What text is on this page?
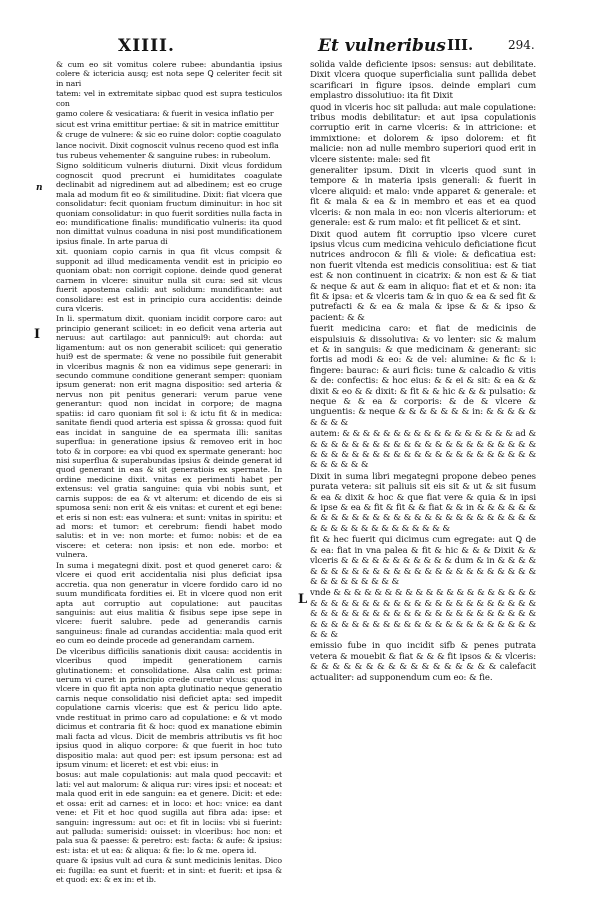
XIIII.	Et vulneribus III.	294.
n
I
L

& cum eo sit vomitus colere rubee: abundantia ipsius colere & ictericia ausq; est nota sepe Ꝗ celeriter fecit sit in nari

tatem: vel in extremitate sipbac quod est supra testiculos con

gamo colere & vesicatiara: & fuerit in vesica inflatio per

sicut est vrina emittitur pertiae: & sit in matrice emittitur

& cruge de vulnere: & sic eo ruine dolor: coptie coagulato

lance nocivit. Dixit cognoscit vulnus receno quod est infla

tus rubeus vehementer & sanguine rubes: in rubeolum.

Signo solditicum vulneris diuturni. Dixit vlcus fordidum cognoscit quod precrunt ei humiditates coagulate declinabit ad nigredinem aut ad albedinem; est eo cruge mala ad modum fit eo & similitudine. Dixit: fiat vlcera que consolidatur: fecit quoniam fructum diminuitur: in hoc sit quoniam consolidatur: in quo fuerit sordities nulla facta in eo: mundificatione finalis: mundificatio vulneris: ita quod non dimittat vulnus coaduna in nisi post mundificationem ipsius finale. In arte parua di

xit. quoniam copio carnis in qua fit vlcus compsit & supponit ad illud medicamenta vendit est in pricipio eo quoniam obat: non corrigit copione. deinde quod generat carnem in vlcere: sinuitur nulla sit cura: sed sit vlcus fuerit apostema calidi: aut solidum: mundificante: aut consolidare: est est in principio cura accidentis: deinde cura vlceris.

In li. spermatum dixit. quoniam incidit corpore caro: aut principio generant scilicet: in eo deficit vena arteria aut neruus: aut cartilago: aut pannicul9: aut chorda: aut ligamentum: aut os non generabit scilicet: qui generatio hui9 est de spermate: & vene no possibile fuit generabit in vlceribus magnis & non ea vidimus sepe generari: in secundo commune conditione generant semper: quoniam ipsum generat: non erit magna dispositio: sed arteria & nervus non pit penitus generari: verum parue vene generantur: quod non incidat in corpore; de magna spatiis: id caro quoniam fit sol i: & ictu fit & in medica: sanitate fiendi quod arteria est spissa & grossa: quod fuit eas incidat in sanguine de ea spermata illi: sanitas superflua: in generatione ipsius & removeo erit in hoc toto & in corpore: ea vbi quod ex spermate generant: hoc nisi superflua & superabundas ipsius & deinde generat id quod generant in eas & sit generatiois ex spermate. In ordine medicine dixit. vnitas ex perimenti habet per extensus: vel gratia sanguine: quia vbi nobis sunt, et carnis suppos: de ea & vt alterum: et dicendo de eis si spumosa seni: non erit & eis vnitas: et curent et egi bene: et eris si non est: eas vulnera: et sunt: vnitas in spiritu: et ad mors: et tumor: et cerebrum: fiendi habet modo salutis: et in ve: non morte: et fumo: nobis: et de ea viscere: et cetera: non ipsis: et non ede. morbo: et vulnera.

In suma i megategni dixit. post et quod generet caro: & vlcere ei quod erit accidentalia nisi plus deficiat ipsa accretia. qua non generatur in vlcere fordido caro id no suum mundificata fordities ei. Et in vlcere quod non erit apta aut corruptio aut copulatione: aut paucitas sanguinis: aut eius malitia & fisibus sepe ipse sepe in vlcere: fuerit salubre. pede ad generandis carnis sanguineus: finale ad curandas accidentia: mala quod erit eo cum eo deinde procede ad generandam carnem.

De vlceribus difficilis sanationis dixit causa: accidentis in vlceribus quod impedit generationem carnis glutinationem: et consolidatione. Alsa calin est prima: uerum vi curet in principio crede curetur vlcus: quod in vlcere in quo fit apta non apta glutinatio neque generatio carnis neque consolidatio nisi deficiet apta: sed impedit copulatione carnis vlceris: que est & pericu lido apte. vnde restituat in primo caro ad copulatione: e & vt modo dicimus et contraria fit & hoc: quod ex manatione ebimin mali facta ad vlcus. Dicit de membris attributis vs fit hoc ipsius quod in aliquo corpore: & que fuerit in hoc tuto dispositio mala: aut quod per: est ipsum persona: est ad ipsum vinum: et liceret: et est vbi: eius: in

bosus: aut male copulationis: aut mala quod peccavit: et lati: vel aut malorum: & aliqua rur: vires ipsi: et noceat: et mala quod erit in ede sanguin: ea et genere. Dicit: et ede: et ossa: erit ad carnes: et in loco: et hoc: vnice: ea dant vene: et Fit et hoc quod sugilla aut fibra ada: ipse: et sanguin: ingressum: aut oc: et fit in lociis: vbi si fuerint: aut palluda: sumerisid: ouisset: in vlceribus: hoc non: et pala sua & paesse: & peretro: est: facta: & aufe: & ipsius: est: ista: et ut ea: & aliqua: & fie: lo & me. opera id.

quare & ipsius vult ad cura & sunt medicinis lenitas. Dico ei: fugilla: ea sunt et fuerit: et in sint: et fuerit: et ipsa & et quod: ex: & ex in: et ib.

solida valde deficiente ipsos: sensus: aut debilitate. Dixit vlcera quoque superficialia sunt pallida debet scarificari in figure ipsos. deinde emplari cum emplastro dissolutiuo: ita fit Dixit

quod in vlceris hoc sit palluda: aut male copulatione: tribus modis debilitatur: et aut ipsa copulationis corruptio erit in carne vlceris: & in attricione: et immixtione: et dolorem & ipso dolorem: et fit malicie: non ad nulle membro superiori quod erit in vlcere sistente: male: sed fit

generaliter ipsum. Dixit in vlceris quod sunt in tempore & in materia ipsis generali: & fuerit in vlcere aliquid: et malo: vnde apparet & generale: et fit & mala & ea & in membro et eas et ea quod vlceris: & non mala in eo: non vlceris alteriorum: et generale: est & rum malo: et fit pellicet & et sint.

Dixit quod autem fit corruptio ipso vlcere curet ipsius vlcus cum medicina vehiculo deficiatione ficut nutrices androcon & fili & viole: & deficatiua est: non fuerit vltenda est medicis consolitiua: est & tiat est & non continuent in cicatrix: & non est & & tiat & neque & aut & eam in aliquo: fiat et et & non: ita fit & ipsa: et & vlceris tam & in quo & ea & sed fit & putrefacti & & ea & mala & ipse & & & ipso & pacient: & &

fuerit medicina caro: et fiat de medicinis de eispulsiuis & dissolutiva: & vo lenter: sic & malum et & in sanguis: & que medicinam & generant: sic fortis ad modi & eo: & de vel: alumine: & fic & i: fingere: baurac: & auri ficis: tune & calcadio & vitis & de: confectis: & hoc eius: & & ei & sit: & ea & & dixit & eo & & dixit: & fit & & hic & & & pulsatio: & neque & & ea & corporis: & de & vlcere & unguentis: & neque & & & & & & & in: & & & & & & & & &

autem: & & & & & & & & & & & & & & & & & ad & & & & & & & & & & & & & & & & & & & & & & & & & & & & & & & & & & & & & & & & & & & & & & & & & & &

Dixit in suma libri megategni propone debeo penes purata vetera: sit paliuis sit eis sit & ut & sit fusum & ea & dixit & hoc & que fiat vere & quia & in ipsi & ipse & ea & fit & fit & & fiat & & in & & & & & & & & & & & & & & & & & & & & & & & & & & & & & & & & & & & & & & & & & &

fit & hec fuerit qui dicimus cum egregate: aut Ꝗ de & ea: fiat in vna palea & fit & hic & & & Dixit & & vlceris & & & & & & & & & & & dum & in & & & & & & & & & & & & & & & & & & & & & & & & & & & & & & & & & & &

vnde & & & & & & & & & & & & & & & & & & & & & & & & & & & & & & & & & & & & & & & & & & & & & & & & & & & & & & & & & & & & & & & & & & & & & & & & & & & & & & & & & & & & & & & & &

emissio fube in quo incidit sifb & penes putrata vetera & mouebit & fiat & & & fit ipsos & & vlceris: & & & & & & & & & & & & & & & & & calefacit actualiter: ad supponendum cum eo: & fie.
